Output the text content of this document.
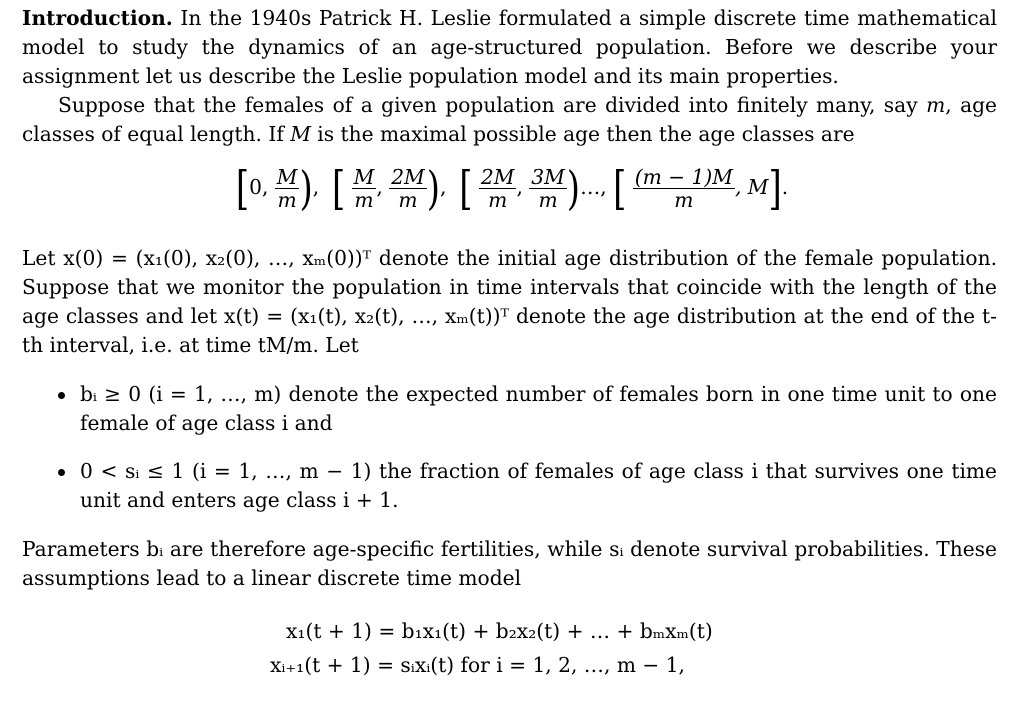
Introduction. In the 1940s Patrick H. Leslie formulated a simple discrete time mathematical model to study the dynamics of an age-structured population. Before we describe your assignment let us describe the Leslie population model and its main properties.

Suppose that the females of a given population are divided into finitely many, say m, age classes of equal length. If M is the maximal possible age then the age classes are

[0, $\frac{M}{m}$ ),  [ $\frac{M}{m}$ , $\frac{2M}{m}$ ),  [ $\frac{2M}{m}$ , $\frac{3M}{m}$ )…, [ $\frac{(m - 1)M}{m}$ , M].

Let x(0) = (x₁(0), x₂(0), …, xₘ(0))ᵀ denote the initial age distribution of the female population. Suppose that we monitor the population in time intervals that coincide with the length of the age classes and let x(t) = (x₁(t), x₂(t), …, xₘ(t))ᵀ denote the age distribution at the end of the t-th interval, i.e. at time tM/m. Let

bᵢ ≥ 0 (i = 1, …, m) denote the expected number of females born in one time unit to one female of age class i and
0 < sᵢ ≤ 1 (i = 1, …, m − 1) the fraction of females of age class i that survives one time unit and enters age class i + 1.

Parameters bᵢ are therefore age-specific fertilities, while sᵢ denote survival probabilities. These assumptions lead to a linear discrete time model

x₁(t + 1) = b₁x₁(t) + b₂x₂(t) + … + bₘxₘ(t)
xᵢ₊₁(t + 1) = sᵢxᵢ(t) for i = 1, 2, …, m − 1,
